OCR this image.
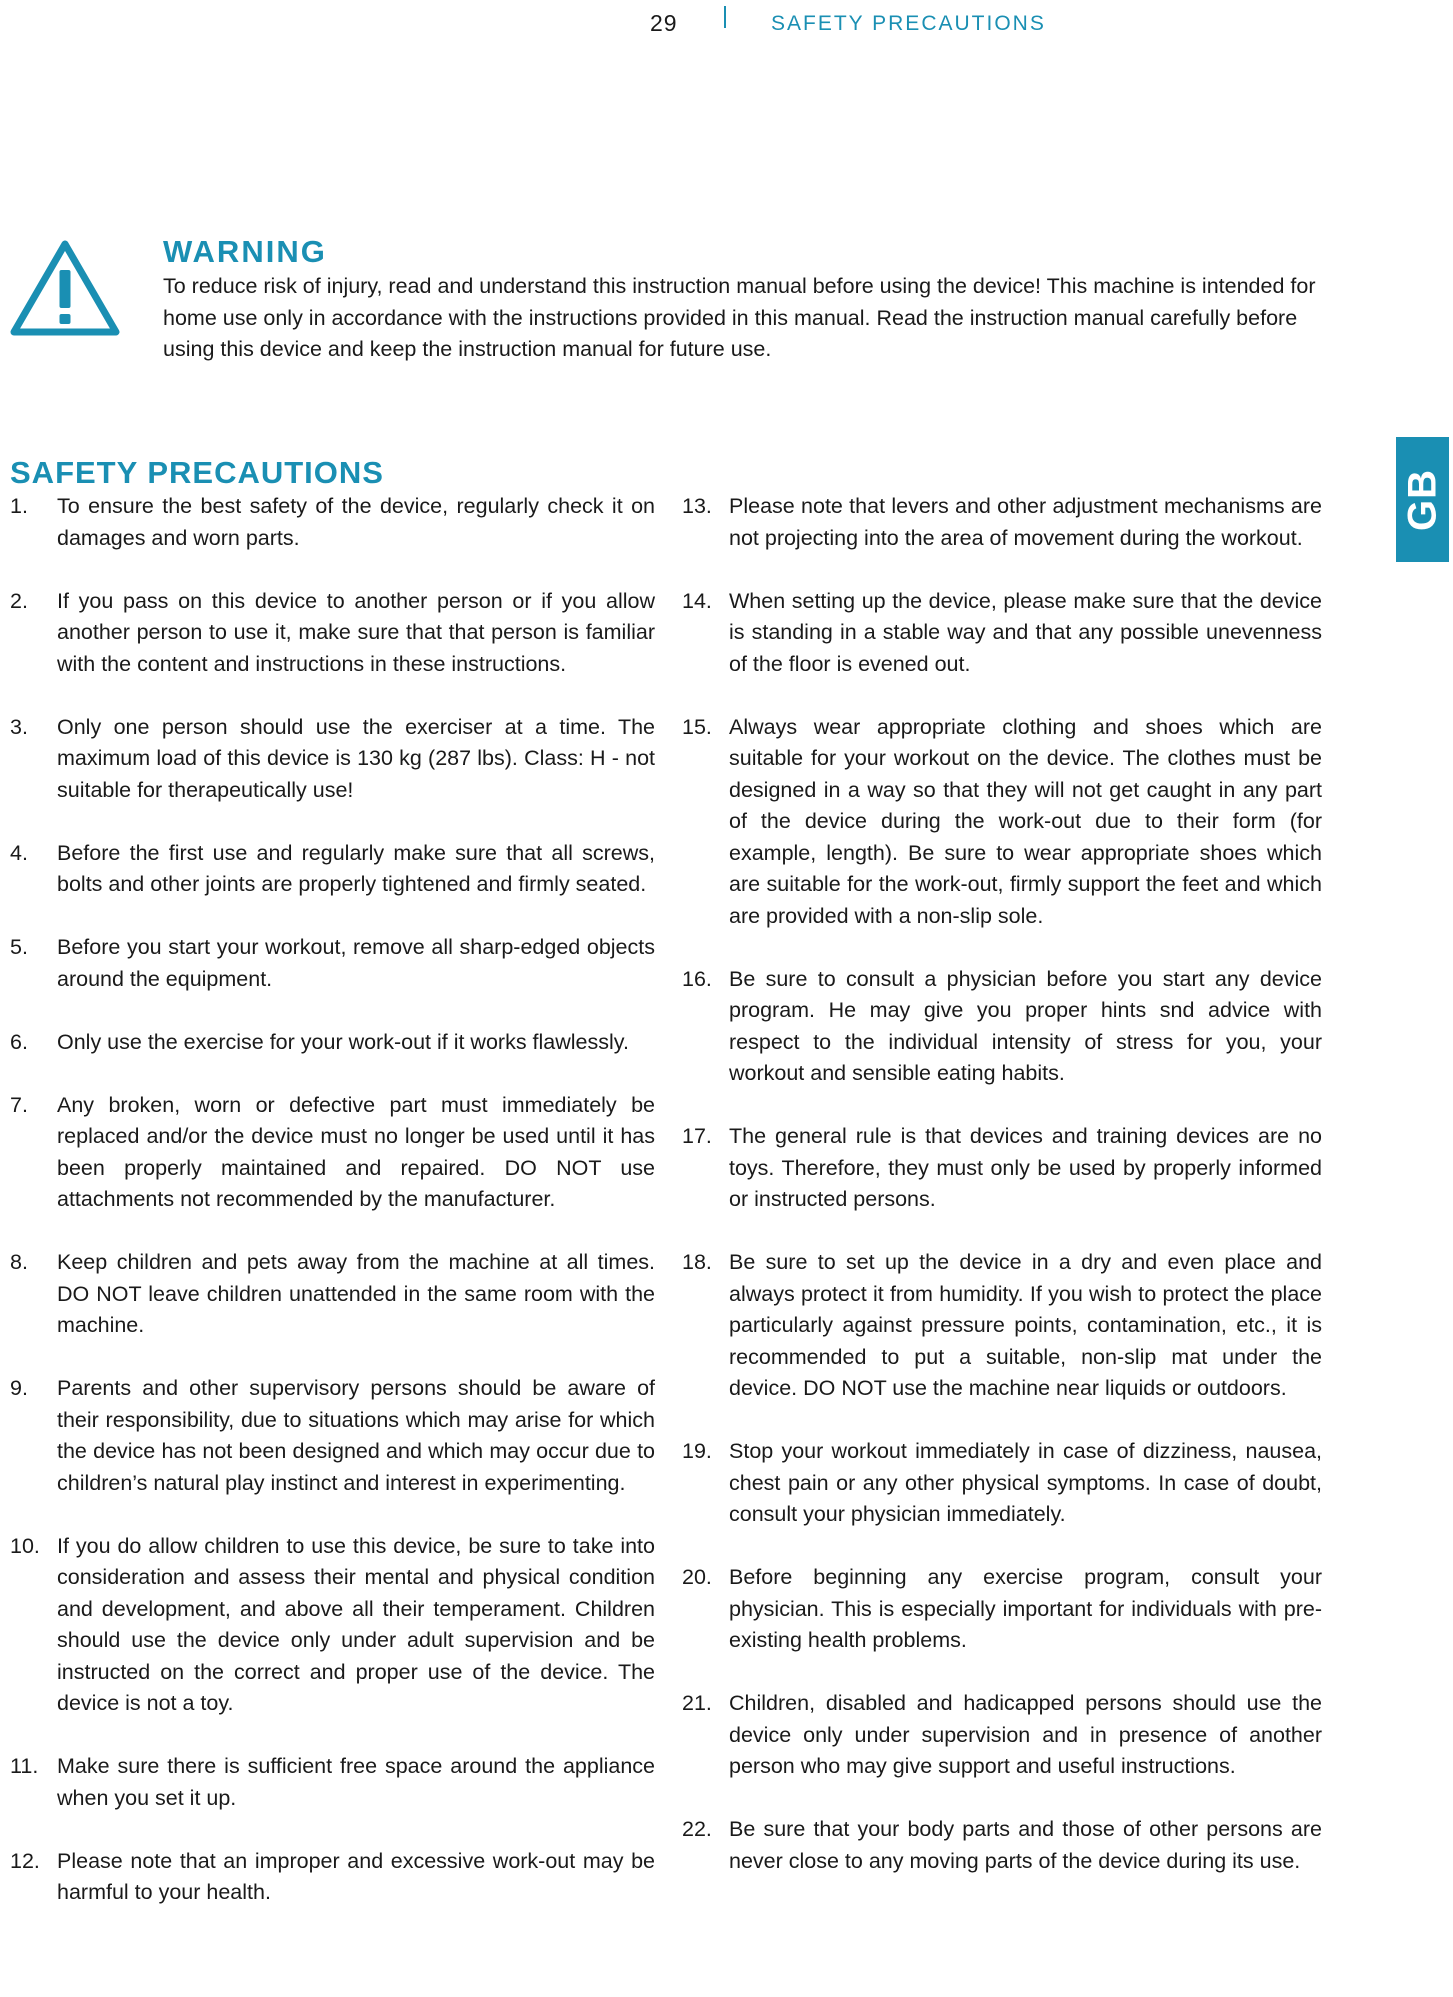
29	SAFETY PRECAUTIONS
WARNING

To reduce risk of injury, read and understand this instruction manual before using the device! This machine is intended for home use only in accordance with the instructions provided in this manual. Read the instruction manual carefully before using this device and keep the instruction manual for future use.

GB
SAFETY PRECAUTIONS
1. To ensure the best safety of the device, regularly check it on damages and worn parts.
2. If you pass on this device to another person or if you allow another person to use it, make sure that that person is familiar with the content and instructions in these instructions.
3. Only one person should use the exerciser at a time. The maximum load of this device is 130 kg (287 lbs). Class: H - not suitable for therapeutically use!
4. Before the first use and regularly make sure that all screws, bolts and other joints are properly tightened and firmly seated.
5. Before you start your workout, remove all sharp-edged objects around the equipment.
6. Only use the exercise for your work-out if it works flawlessly.
7. Any broken, worn or defective part must immediately be replaced and/or the device must no longer be used until it has been properly maintained and repaired. DO NOT use attachments not recommended by the manufacturer.
8. Keep children and pets away from the machine at all times. DO NOT leave children unattended in the same room with the machine.
9. Parents and other supervisory persons should be aware of their responsibility, due to situations which may arise for which the device has not been designed and which may occur due to children’s natural play instinct and interest in experimenting.
10. If you do allow children to use this device, be sure to take into consideration and assess their mental and physical condition and development, and above all their temperament. Children should use the device only under adult supervision and be instructed on the correct and proper use of the device. The device is not a toy.
11. Make sure there is sufficient free space around the appliance when you set it up.
12. Please note that an improper and excessive work-out may be harmful to your health.
13. Please note that levers and other adjustment mechanisms are not projecting into the area of movement during the workout.
14. When setting up the device, please make sure that the device is standing in a stable way and that any possible unevenness of the floor is evened out.
15. Always wear appropriate clothing and shoes which are suitable for your workout on the device. The clothes must be designed in a way so that they will not get caught in any part of the device during the work-out due to their form (for example, length). Be sure to wear appropriate shoes which are suitable for the work-out, firmly support the feet and which are provided with a non-slip sole.
16. Be sure to consult a physician before you start any device program. He may give you proper hints snd advice with respect to the individual intensity of stress for you, your workout and sensible eating habits.
17. The general rule is that devices and training devices are no toys. Therefore, they must only be used by properly informed or instructed persons.
18. Be sure to set up the device in a dry and even place and always protect it from humidity. If you wish to protect the place particularly against pressure points, contamination, etc., it is recommended to put a suitable, non-slip mat under the device. DO NOT use the machine near liquids or outdoors.
19. Stop your workout immediately in case of dizziness, nausea, chest pain or any other physical symptoms. In case of doubt, consult your physician immediately.
20. Before beginning any exercise program, consult your physician. This is especially important for individuals with pre-existing health problems.
21. Children, disabled and hadicapped persons should use the device only under supervision and in presence of another person who may give support and useful instructions.
22. Be sure that your body parts and those of other persons are never close to any moving parts of the device during its use.
